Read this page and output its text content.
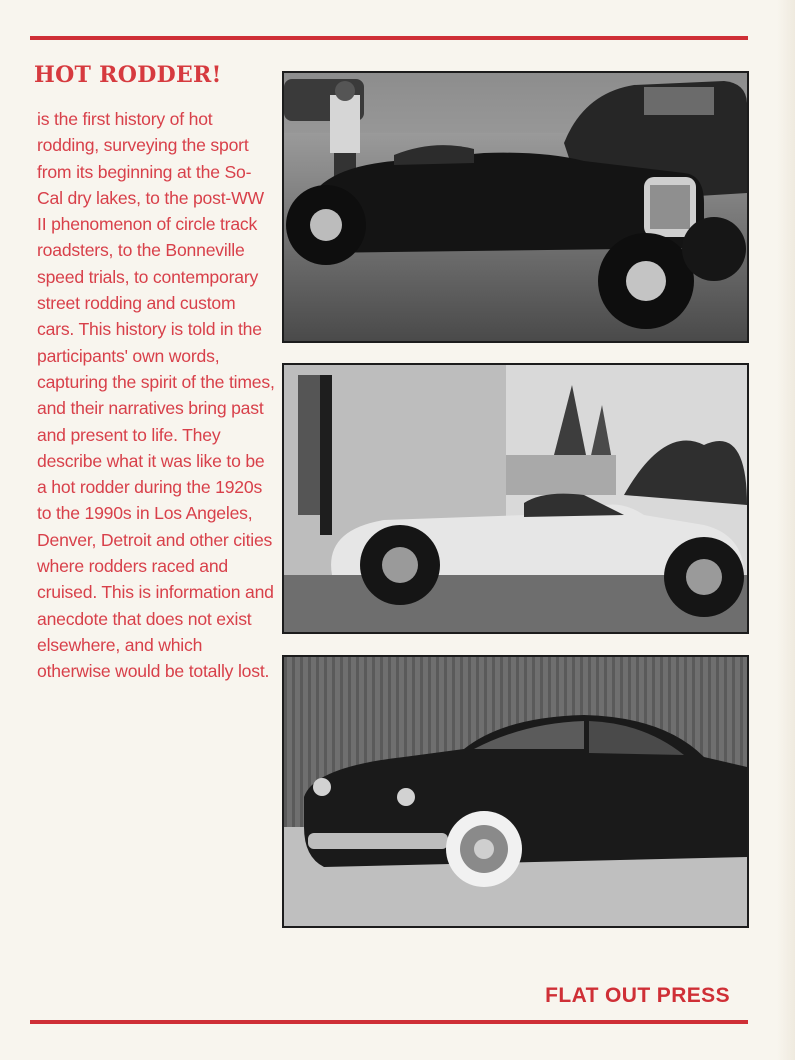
HOT RODDER!

is the first history of hot rodding, surveying the sport from its beginning at the So-Cal dry lakes, to the post-WW II phenomenon of circle track roadsters, to the Bonneville speed trials, to contemporary street rodding and custom cars. This history is told in the participants' own words, capturing the spirit of the times, and their narratives bring past and present to life. They describe what it was like to be a hot rodder during the 1920s to the 1990s in Los Angeles, Denver, Detroit and other cities where rodders raced and cruised. This is information and anecdote that does not exist elsewhere, and which otherwise would be totally lost.

FLAT OUT PRESS
